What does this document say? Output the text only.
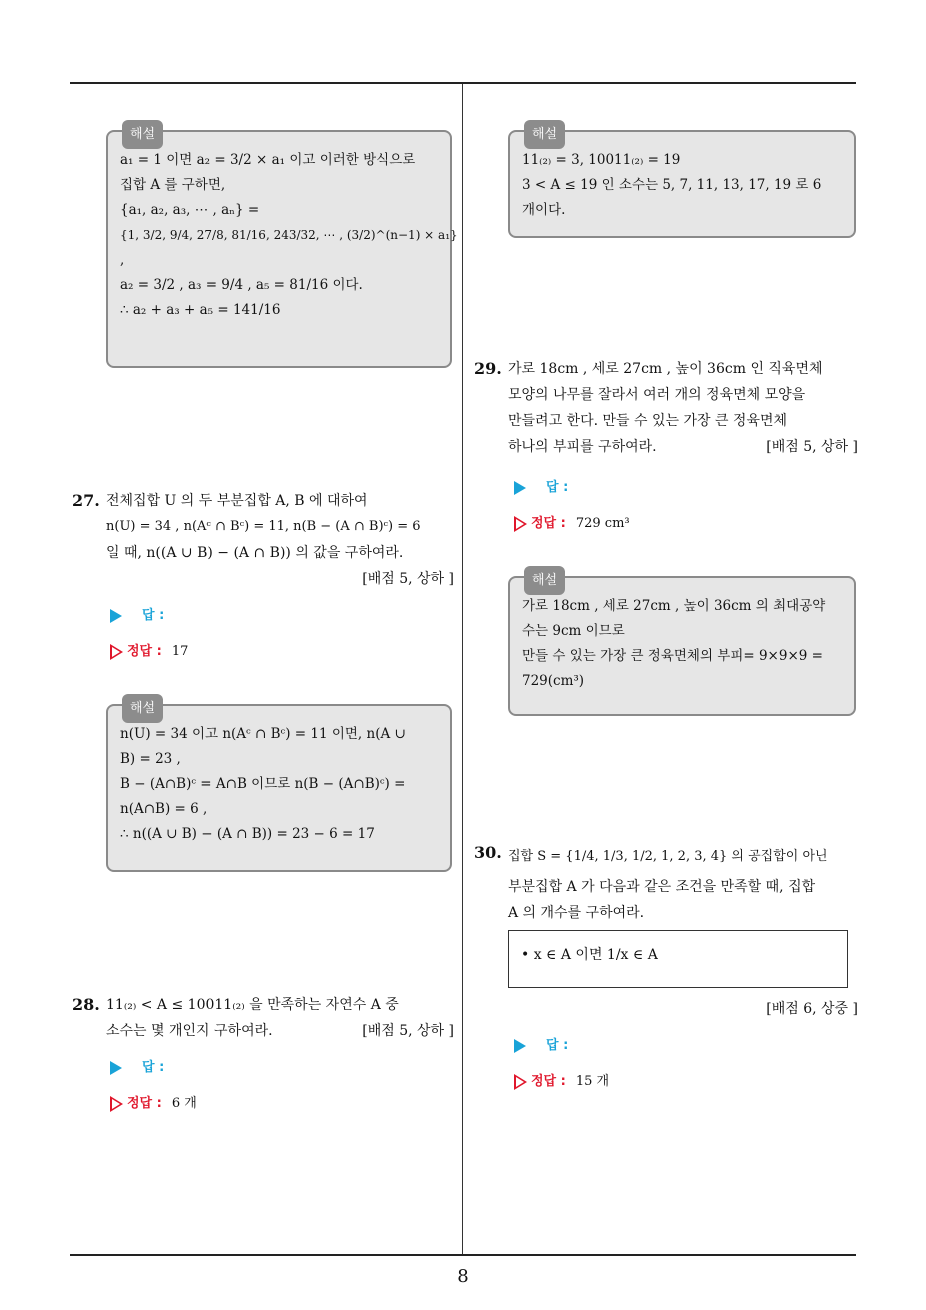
해설
a₁ = 1 이면 a₂ = 3/2 × a₁ 이고 이러한 방식으로
집합 A 를 구하면,
{a₁, a₂, a₃, ⋯ , aₙ} =
{1, 3/2, 9/4, 27/8, 81/16, 243/32, ⋯ , (3/2)^(n−1) × a₁}
,
a₂ = 3/2 , a₃ = 9/4 , a₅ = 81/16 이다.
∴ a₂ + a₃ + a₅ = 141/16
27. 전체집합 U 의 두 부분집합 A, B 에 대하여
n(U) = 34 , n(Aᶜ ∩ Bᶜ) = 11, n(B − (A ∩ B)ᶜ) = 6
일 때, n((A ∪ B) − (A ∩ B)) 의 값을 구하여라.
[배점 5, 상하 ]
답 :
정답 : 17
해설
n(U) = 34 이고 n(Aᶜ ∩ Bᶜ) = 11 이면, n(A ∪
B) = 23 ,
B − (A∩B)ᶜ = A∩B 이므로 n(B − (A∩B)ᶜ) =
n(A∩B) = 6 ,
∴ n((A ∪ B) − (A ∩ B)) = 23 − 6 = 17
28. 11₍₂₎ < A ≤ 10011₍₂₎ 을 만족하는 자연수 A 중
소수는 몇 개인지 구하여라.	[배점 5, 상하 ]
답 :
정답 : 6 개
해설
11₍₂₎ = 3, 10011₍₂₎ = 19
3 < A ≤ 19 인 소수는 5, 7, 11, 13, 17, 19 로 6
개이다.
29. 가로 18cm , 세로 27cm , 높이 36cm 인 직육면체
모양의 나무를 잘라서 여러 개의 정육면체 모양을
만들려고 한다. 만들 수 있는 가장 큰 정육면체
하나의 부피를 구하여라.	[배점 5, 상하 ]
답 :
정답 : 729 cm³
해설
가로 18cm , 세로 27cm , 높이 36cm 의 최대공약
수는 9cm 이므로
만들 수 있는 가장 큰 정육면체의 부피= 9×9×9 =
729(cm³)
30. 집합 S = {1/4, 1/3, 1/2, 1, 2, 3, 4} 의 공집합이 아닌
부분집합 A 가 다음과 같은 조건을 만족할 때, 집합
A 의 개수를 구하여라.
• x ∈ A 이면 1/x ∈ A
[배점 6, 상중 ]
답 :
정답 : 15 개
8
